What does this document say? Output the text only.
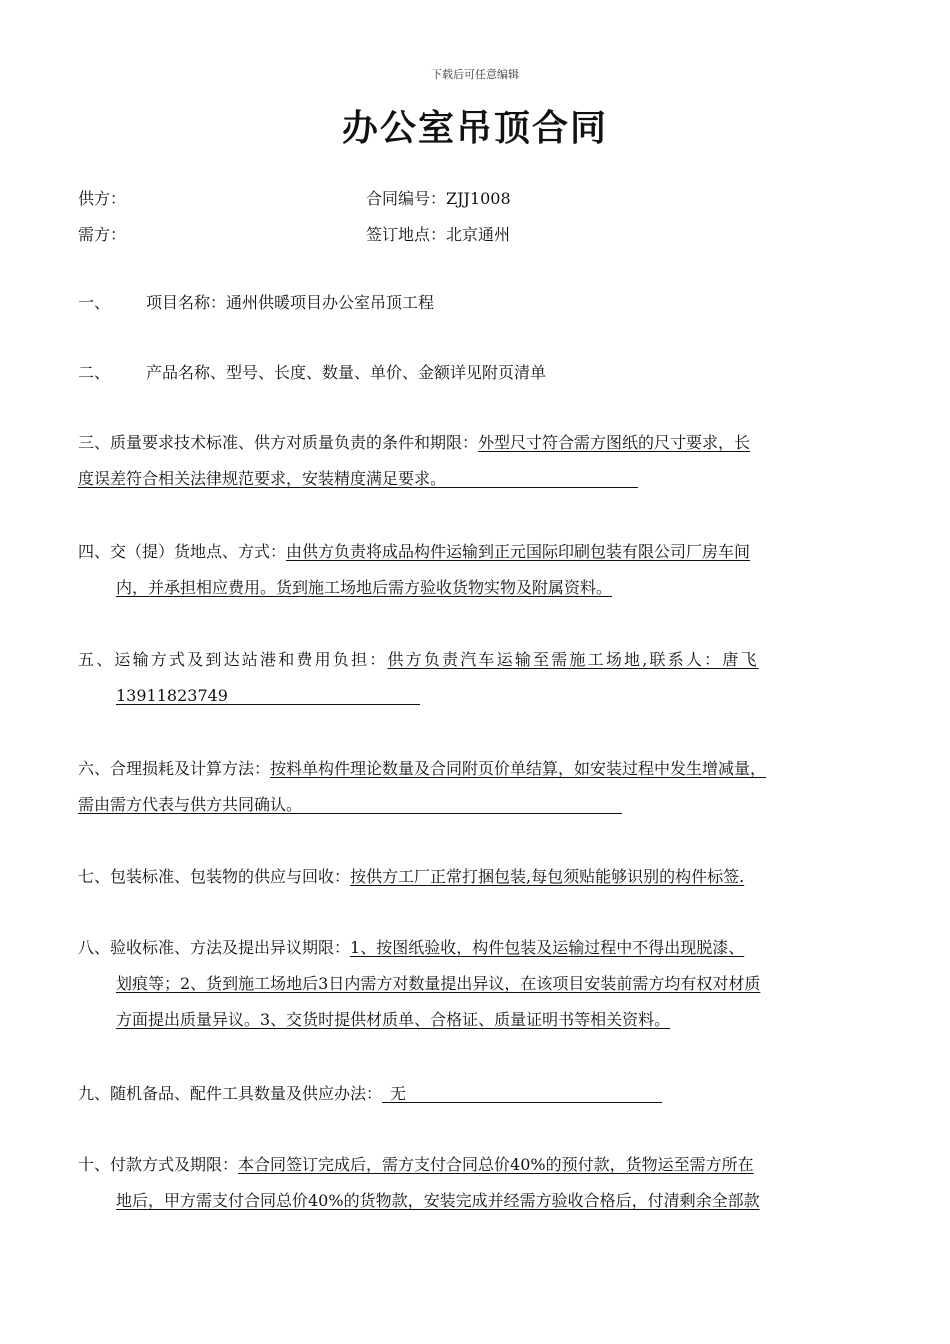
下载后可任意编辑
办公室吊顶合同
供方：	合同编号：ZJJ1008
需方：	签订地点：北京通州
一、 项目名称：通州供暖项目办公室吊顶工程
二、 产品名称、型号、长度、数量、单价、金额详见附页清单
三、质量要求技术标准、供方对质量负责的条件和期限：外型尺寸符合需方图纸的尺寸要求，长
度误差符合相关法律规范要求，安装精度满足要求。            
四、交（提）货地点、方式：由供方负责将成品构件运输到正元国际印刷包装有限公司厂房车间
内，并承担相应费用。货到施工场地后需方验收货物实物及附属资料。
五、运输方式及到达站港和费用负担：供方负责汽车运输至需施工场地,联系人：唐飞
13911823749            
六、合理损耗及计算方法：按料单构件理论数量及合同附页价单结算，如安装过程中发生增减量，
需由需方代表与供方共同确认。                    
七、包装标准、包装物的供应与回收：按供方工厂正常打捆包装,每包须贴能够识别的构件标签.
八、验收标准、方法及提出异议期限：1、按图纸验收，构件包装及运输过程中不得出现脱漆、
划痕等；2、货到施工场地后3日内需方对数量提出异议，在该项目安装前需方均有权对材质
方面提出质量异议。3、交货时提供材质单、合格证、质量证明书等相关资料。
九、随机备品、配件工具数量及供应办法：  无                
十、付款方式及期限：本合同签订完成后，需方支付合同总价40%的预付款，货物运至需方所在
地后，甲方需支付合同总价40%的货物款，安装完成并经需方验收合格后，付清剩余全部款
